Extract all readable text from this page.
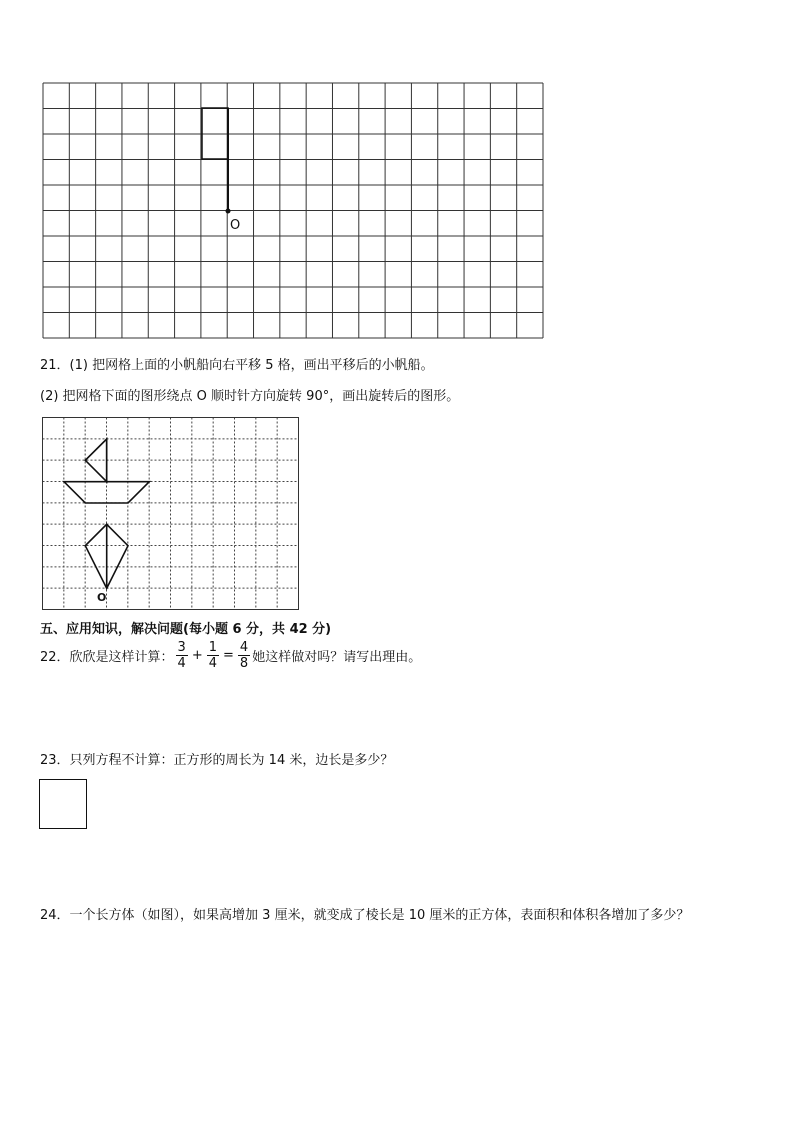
O
21．(1) 把网格上面的小帆船向右平移 5 格，画出平移后的小帆船。
(2) 把网格下面的图形绕点 O 顺时针方向旋转 90°，画出旋转后的图形。
O
五、应用知识，解决问题(每小题 6 分，共 42 分)
22．欣欣是这样计算： $\frac{3}{4} + \frac{1}{4} = \frac{4}{8}$ 她这样做对吗？请写出理由。
23．只列方程不计算：正方形的周长为 14 米，边长是多少？
24．一个长方体（如图），如果高增加 3 厘米，就变成了棱长是 10 厘米的正方体，表面积和体积各增加了多少？
